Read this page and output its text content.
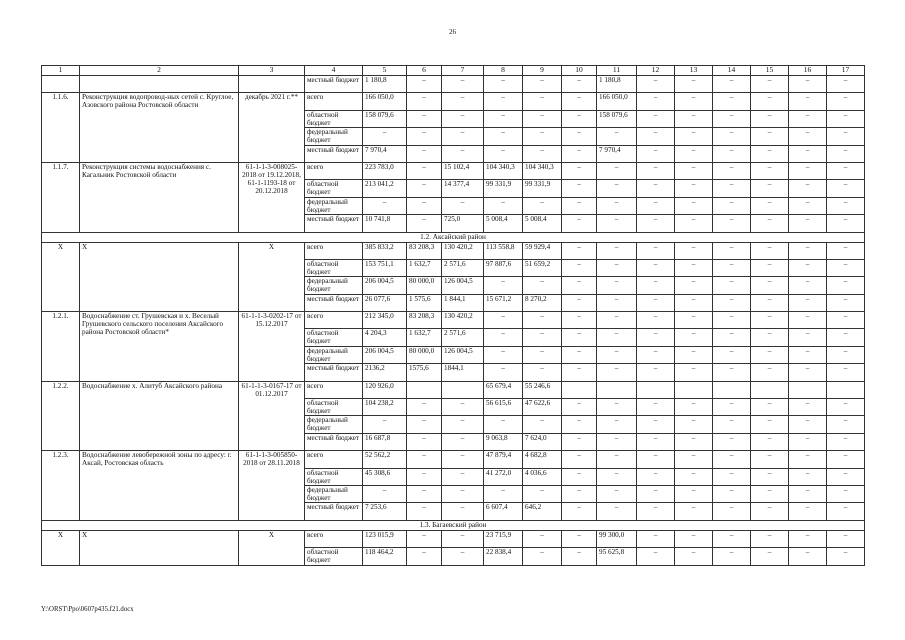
26
1	2	3	4	5	6	7	8	9	10	11	12	13	14	15	16	17
			местный бюджет	1 180,8	–	–	–	–	–	1 180,8	–	–	–	–	–	–
1.1.6.	Реконструкция водопровод-ных сетей с. Круглое, Азовского района Ростовской области	декабрь 2021 г.**	всего	166 050,0	–	–	–	–	–	166 050,0	–	–	–	–	–	–
			областной бюджет	158 079,6	–	–	–	–	–	158 079,6	–	–	–	–	–	–
			федеральный бюджет	–	–	–	–	–	–	–	–	–	–	–	–	–
			местный бюджет	7 970,4	–	–	–	–	–	7 970,4	–	–	–	–	–	–
1.1.7.	Реконструкция системы водоснабжения с. Кагальник Ростовской области	61-1-1-3-008025-2018 от 19.12.2018, 61-1-1193-18 от 20.12.2018	всего	223 783,0	–	15 102,4	104 340,3	104 340,3	–	–	–	–	–	–	–	–
			областной бюджет	213 041,2	–	14 377,4	99 331,9	99 331,9	–	–	–	–	–	–	–	–
			федеральный бюджет	–	–	–	–	–	–	–	–	–	–	–	–	–
			местный бюджет	10 741,8	–	725,0	5 008,4	5 008,4	–	–	–	–	–	–	–	–
1.2. Аксайский район																
Х	Х	Х	всего	385 833,2	83 208,3	130 420,2	113 558,8	59 929,4	–	–	–	–	–	–	–	–
			областной бюджет	153 751,1	1 632,7	2 571,6	97 887,6	51 659,2	–	–	–	–	–	–	–	–
			федеральный бюджет	206 004,5	80 000,0	126 004,5	–	–	–	–	–	–	–	–	–	–
			местный бюджет	26 077,6	1 575,6	1 844,1	15 671,2	8 270,2	–	–	–	–	–	–	–	–
1.2.1.	Водоснабжение ст. Грушевская и х. Веселый Грушевского сельского поселения Аксайского района Ростовской области*	61-1-1-3-0202-17 от 15.12.2017	всего	212 345,0	83 208,3	130 420,2	–	–	–	–	–	–	–	–	–	–
			областной бюджет	4 204,3	1 632,7	2 571,6	–	–	–	–	–	–	–	–	–	–
			федеральный бюджет	206 004,5	80 000,0	126 004,5	–	–	–	–	–	–	–	–	–	–
			местный бюджет	2136,2	1575,6	1844,1	–	–	–	–	–	–	–	–	–	–
1.2.2.	Водоснабжение х. Алитуб Аксайского района	61-1-1-3-0167-17 от 01.12.2017	всего	120 926,0			65 679,4	55 246,6								
			областной бюджет	104 238,2	–	–	56 615,6	47 622,6	–	–	–	–	–	–	–	–
			федеральный бюджет	–	–	–	–	–	–	–	–	–	–	–	–	–
			местный бюджет	16 687,8	–	–	9 063,8	7 624,0	–	–	–	–	–	–	–	–
1.2.3.	Водоснабжение левобережной зоны по адресу: г. Аксай, Ростовская область	61-1-1-3-005850-2018 от 28.11.2018	всего	52 562,2	–	–	47 879,4	4 682,8	–	–	–	–	–	–	–	–
			областной бюджет	45 308,6	–	–	41 272,0	4 036,6	–	–	–	–	–	–	–	–
			федеральный бюджет	–	–	–	–	–	–	–	–	–	–	–	–	–
			местный бюджет	7 253,6	–	–	6 607,4	646,2	–	–	–	–	–	–	–	–
1.3. Багаевский район																
Х	Х	Х	всего	123 015,9	–	–	23 715,9	–	–	99 300,0	–	–	–	–	–	–
			областной бюджет	118 464,2	–	–	22 838,4	–	–	95 625,8	–	–	–	–	–	–
Y:\ORST\Ppo\0607p435.f21.docx
